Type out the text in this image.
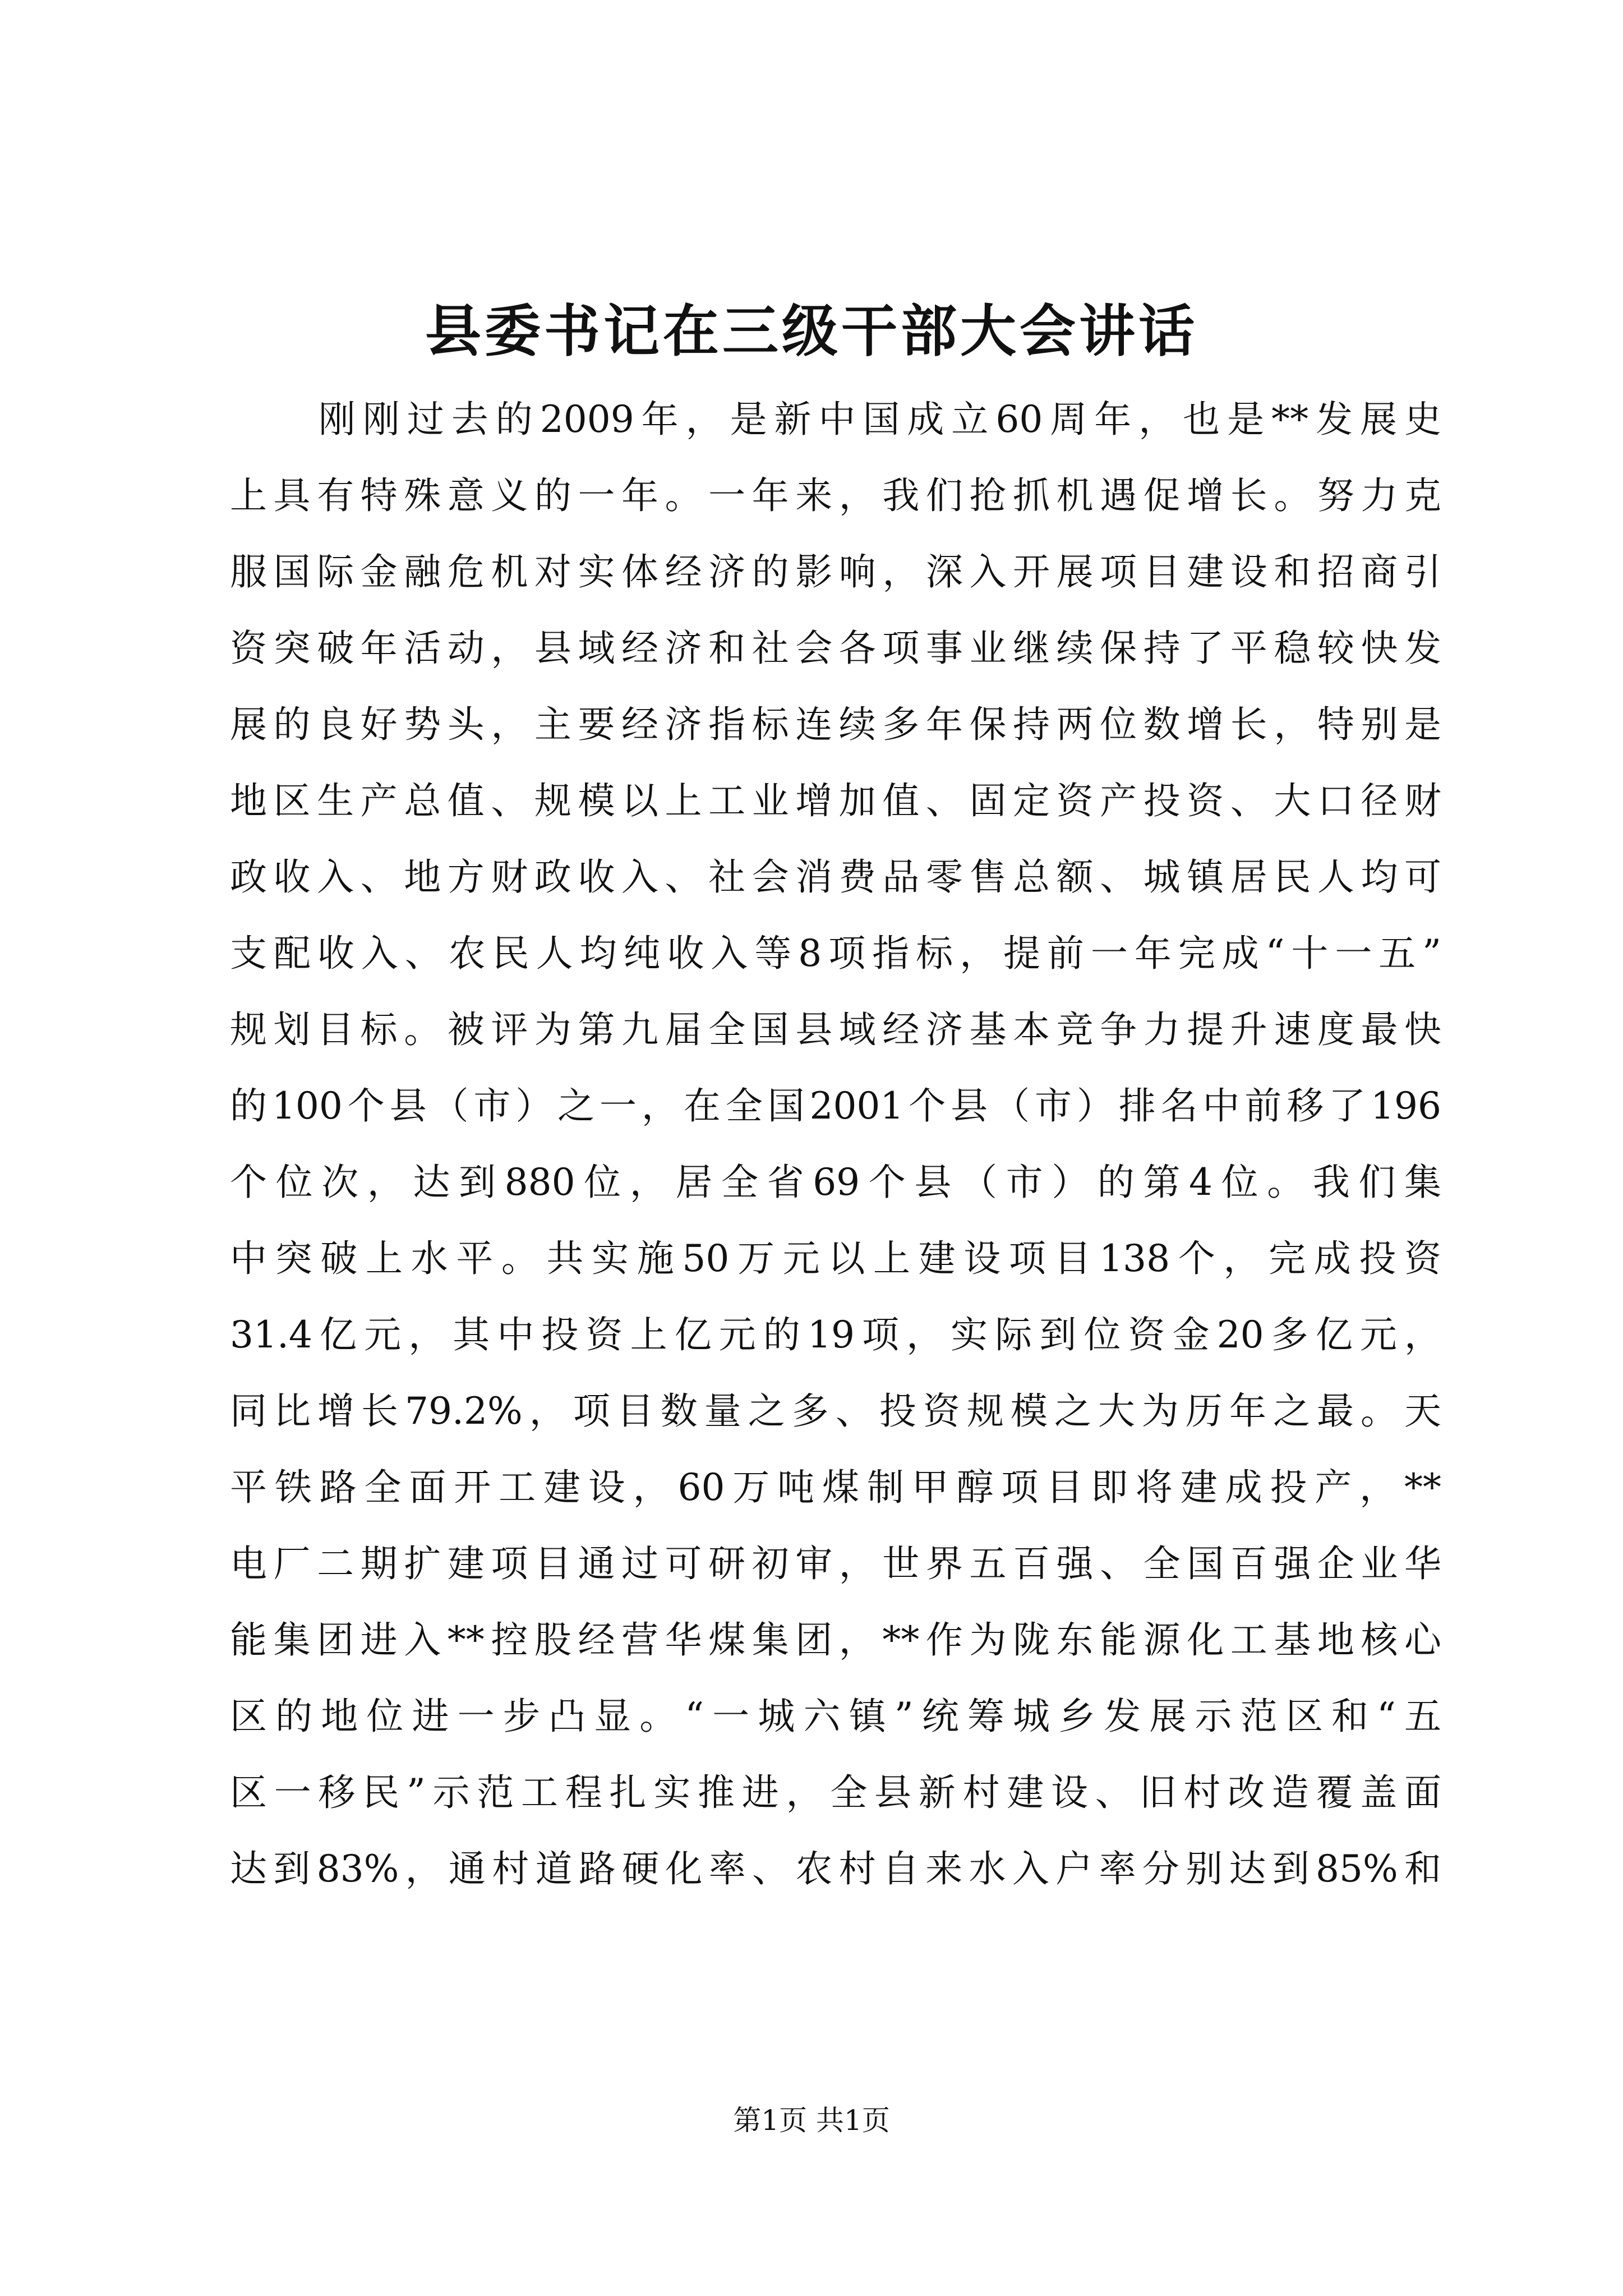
县委书记在三级干部大会讲话
　　刚刚过去的2009年，是新中国成立60周年，也是**发展史
上具有特殊意义的一年。一年来，我们抢抓机遇促增长。努力克
服国际金融危机对实体经济的影响，深入开展项目建设和招商引
资突破年活动，县域经济和社会各项事业继续保持了平稳较快发
展的良好势头，主要经济指标连续多年保持两位数增长，特别是
地区生产总值、规模以上工业增加值、固定资产投资、大口径财
政收入、地方财政收入、社会消费品零售总额、城镇居民人均可
支配收入、农民人均纯收入等8项指标，提前一年完成“十一五”
规划目标。被评为第九届全国县域经济基本竞争力提升速度最快
的100个县（市）之一，在全国2001个县（市）排名中前移了196
个位次，达到880位，居全省69个县（市）的第4位。我们集
中突破上水平。共实施50万元以上建设项目138个，完成投资
31.4亿元，其中投资上亿元的19项，实际到位资金20多亿元，
同比增长79.2%，项目数量之多、投资规模之大为历年之最。天
平铁路全面开工建设，60万吨煤制甲醇项目即将建成投产，**
电厂二期扩建项目通过可研初审，世界五百强、全国百强企业华
能集团进入**控股经营华煤集团，**作为陇东能源化工基地核心
区的地位进一步凸显。“一城六镇”统筹城乡发展示范区和“五
区一移民”示范工程扎实推进，全县新村建设、旧村改造覆盖面
达到83%，通村道路硬化率、农村自来水入户率分别达到85%和
第1页 共1页
